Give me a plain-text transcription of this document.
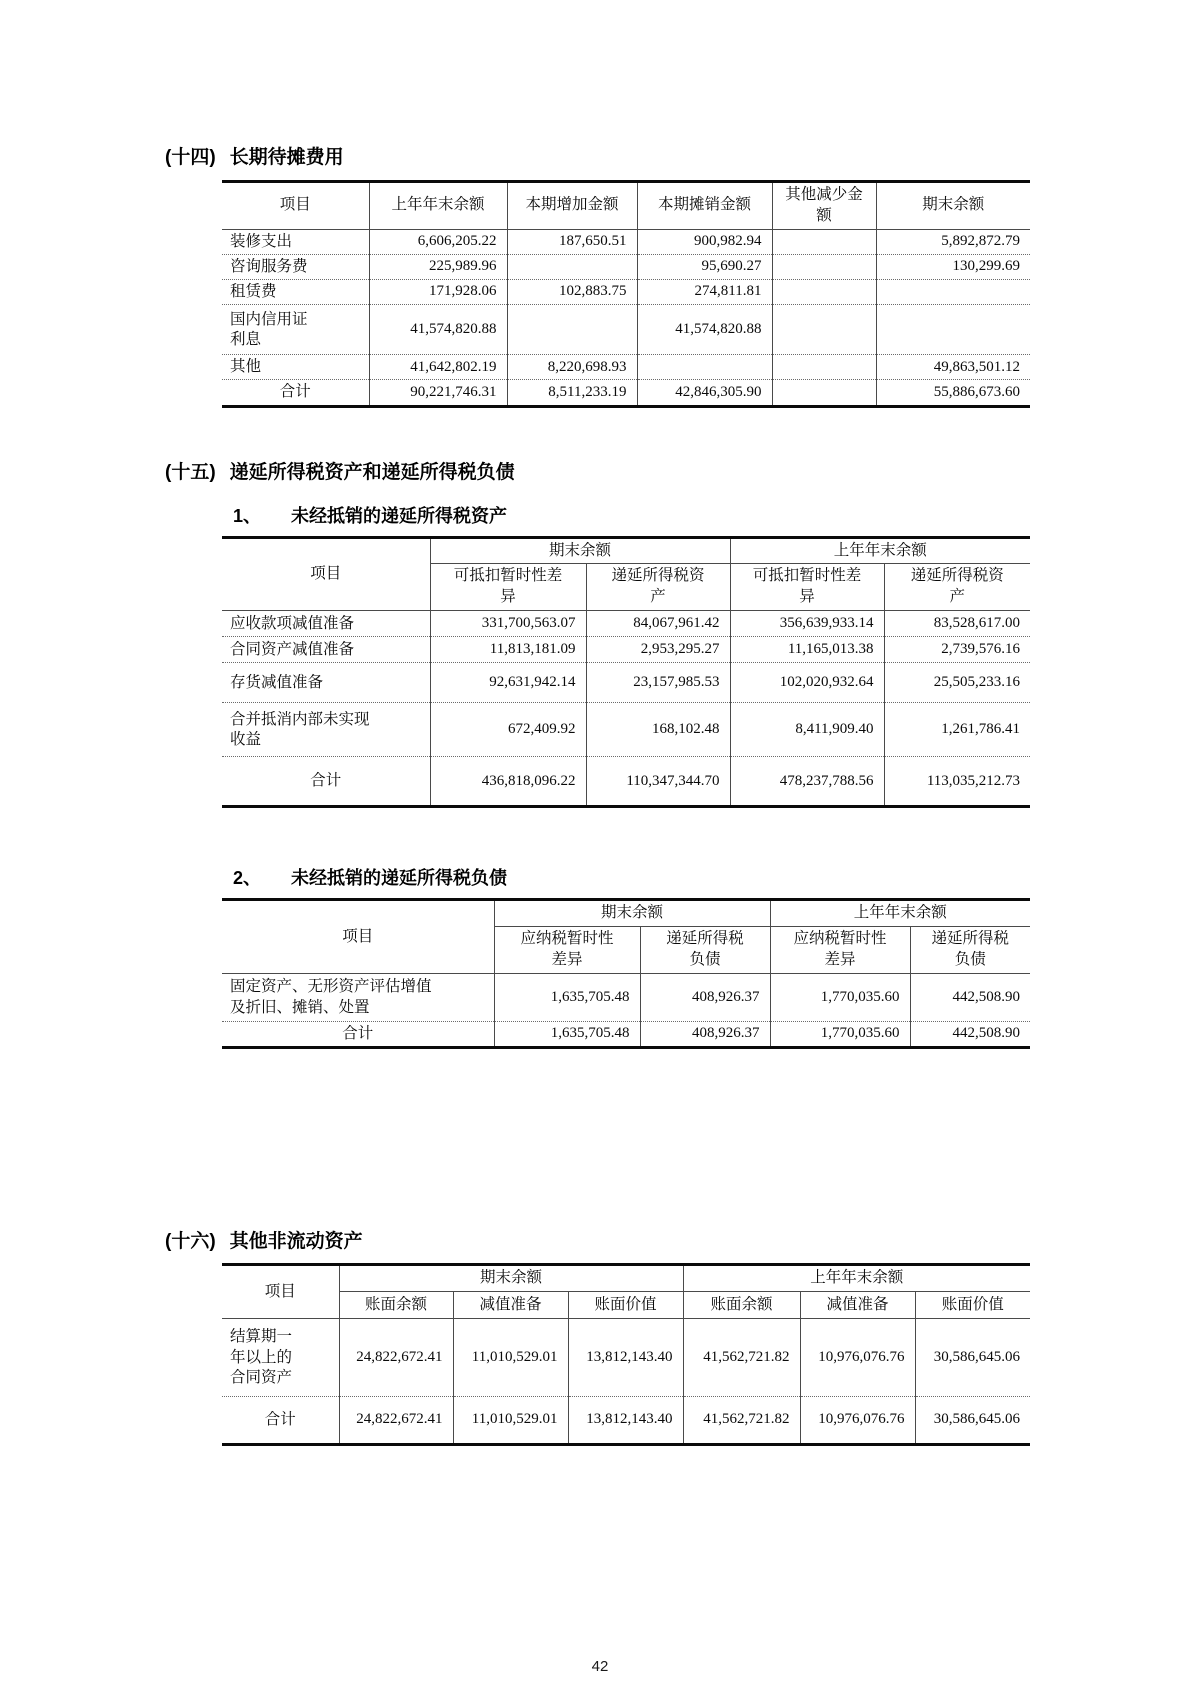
(十四) 长期待摊费用
项目	上年年末余额	本期增加金额	本期摊销金额	其他减少金额	期末余额
装修支出	6,606,205.22	187,650.51	900,982.94		5,892,872.79
咨询服务费	225,989.96		95,690.27		130,299.69
租赁费	171,928.06	102,883.75	274,811.81		
国内信用证利息	41,574,820.88		41,574,820.88		
其他	41,642,802.19	8,220,698.93			49,863,501.12
合计	90,221,746.31	8,511,233.19	42,846,305.90		55,886,673.60
(十五) 递延所得税资产和递延所得税负债
1、 未经抵销的递延所得税资产
项目	期末余额		上年年末余额	
	可抵扣暂时性差异	递延所得税资产	可抵扣暂时性差异	递延所得税资产
应收款项减值准备	331,700,563.07	84,067,961.42	356,639,933.14	83,528,617.00
合同资产减值准备	11,813,181.09	2,953,295.27	11,165,013.38	2,739,576.16
存货减值准备	92,631,942.14	23,157,985.53	102,020,932.64	25,505,233.16
合并抵消内部未实现收益	672,409.92	168,102.48	8,411,909.40	1,261,786.41
合计	436,818,096.22	110,347,344.70	478,237,788.56	113,035,212.73
2、 未经抵销的递延所得税负债
项目	期末余额		上年年末余额	
	应纳税暂时性差异	递延所得税负债	应纳税暂时性差异	递延所得税负债
固定资产、无形资产评估增值及折旧、摊销、处置	1,635,705.48	408,926.37	1,770,035.60	442,508.90
合计	1,635,705.48	408,926.37	1,770,035.60	442,508.90
(十六) 其他非流动资产
项目	期末余额			上年年末余额		
	账面余额	减值准备	账面价值	账面余额	减值准备	账面价值
结算期一年以上的合同资产	24,822,672.41	11,010,529.01	13,812,143.40	41,562,721.82	10,976,076.76	30,586,645.06
合计	24,822,672.41	11,010,529.01	13,812,143.40	41,562,721.82	10,976,076.76	30,586,645.06
42
